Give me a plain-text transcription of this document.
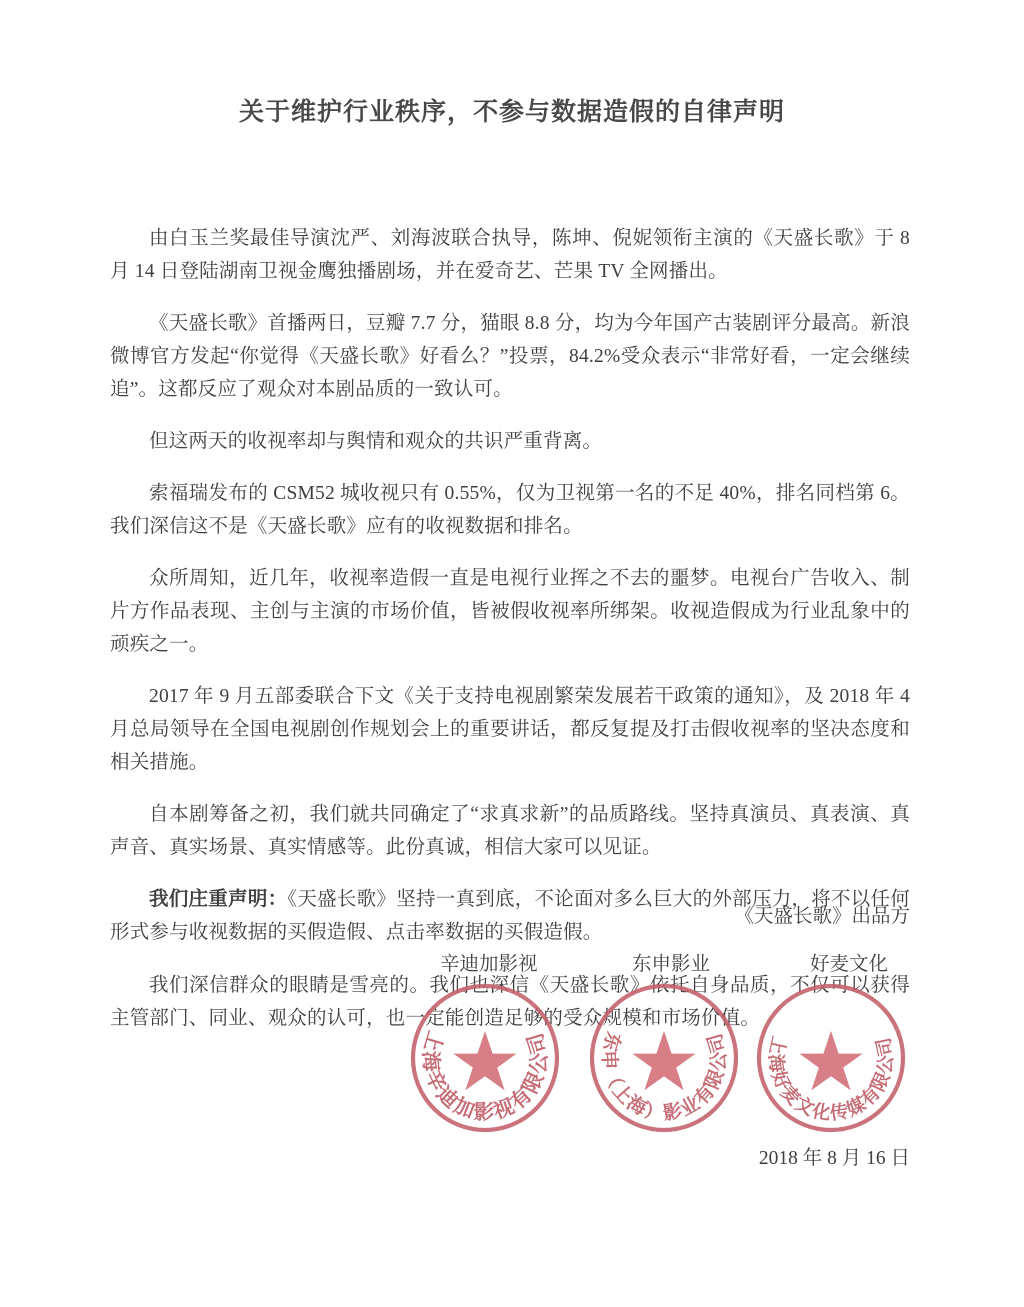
关于维护行业秩序，不参与数据造假的自律声明

由白玉兰奖最佳导演沈严、刘海波联合执导，陈坤、倪妮领衔主演的《天盛长歌》于 8 月 14 日登陆湖南卫视金鹰独播剧场，并在爱奇艺、芒果 TV 全网播出。

《天盛长歌》首播两日，豆瓣 7.7 分，猫眼 8.8 分，均为今年国产古装剧评分最高。新浪微博官方发起“你觉得《天盛长歌》好看么？”投票，84.2%受众表示“非常好看，一定会继续追”。这都反应了观众对本剧品质的一致认可。

但这两天的收视率却与舆情和观众的共识严重背离。

索福瑞发布的 CSM52 城收视只有 0.55%，仅为卫视第一名的不足 40%，排名同档第 6。我们深信这不是《天盛长歌》应有的收视数据和排名。

众所周知，近几年，收视率造假一直是电视行业挥之不去的噩梦。电视台广告收入、制片方作品表现、主创与主演的市场价值，皆被假收视率所绑架。收视造假成为行业乱象中的顽疾之一。

2017 年 9 月五部委联合下文《关于支持电视剧繁荣发展若干政策的通知》，及 2018 年 4 月总局领导在全国电视剧创作规划会上的重要讲话，都反复提及打击假收视率的坚决态度和相关措施。

自本剧筹备之初，我们就共同确定了“求真求新”的品质路线。坚持真演员、真表演、真声音、真实场景、真实情感等。此份真诚，相信大家可以见证。

我们庄重声明：《天盛长歌》坚持一真到底，不论面对多么巨大的外部压力，将不以任何形式参与收视数据的买假造假、点击率数据的买假造假。

我们深信群众的眼睛是雪亮的。我们也深信《天盛长歌》依托自身品质，不仅可以获得主管部门、同业、观众的认可，也一定能创造足够的受众规模和市场价值。

《天盛长歌》出品方
辛迪加影视	东申影业	好麦文化
上海辛迪加影视有限公司 东申（上海）影业有限公司 上海好麦文化传媒有限公司
2018 年 8 月 16 日
